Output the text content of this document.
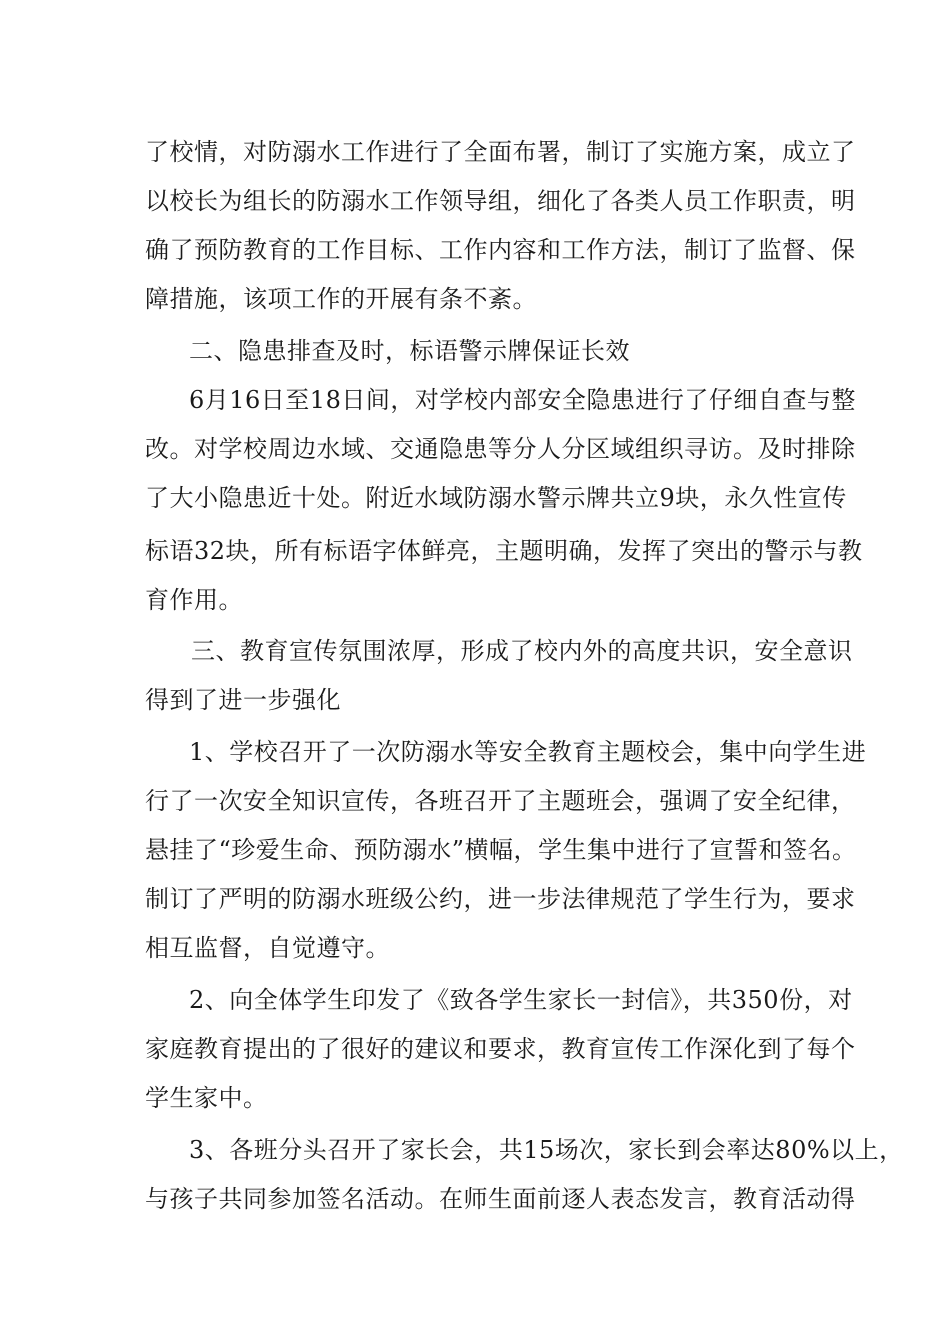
了校情，对防溺水工作进行了全面布署，制订了实施方案，成立了
以校长为组长的防溺水工作领导组，细化了各类人员工作职责，明
确了预防教育的工作目标、工作内容和工作方法，制订了监督、保
障措施，该项工作的开展有条不紊。
二、隐患排查及时，标语警示牌保证长效
6月16日至18日间，对学校内部安全隐患进行了仔细自查与整
改。对学校周边水域、交通隐患等分人分区域组织寻访。及时排除
了大小隐患近十处。附近水域防溺水警示牌共立9块，永久性宣传
标语32块，所有标语字体鲜亮，主题明确，发挥了突出的警示与教
育作用。
三、教育宣传氛围浓厚，形成了校内外的高度共识，安全意识
得到了进一步强化
1、学校召开了一次防溺水等安全教育主题校会，集中向学生进
行了一次安全知识宣传，各班召开了主题班会，强调了安全纪律，
悬挂了“珍爱生命、预防溺水”横幅，学生集中进行了宣誓和签名。
制订了严明的防溺水班级公约，进一步法律规范了学生行为，要求
相互监督，自觉遵守。
2、向全体学生印发了《致各学生家长一封信》，共350份，对
家庭教育提出的了很好的建议和要求，教育宣传工作深化到了每个
学生家中。
3、各班分头召开了家长会，共15场次，家长到会率达80%以上，
与孩子共同参加签名活动。在师生面前逐人表态发言，教育活动得
